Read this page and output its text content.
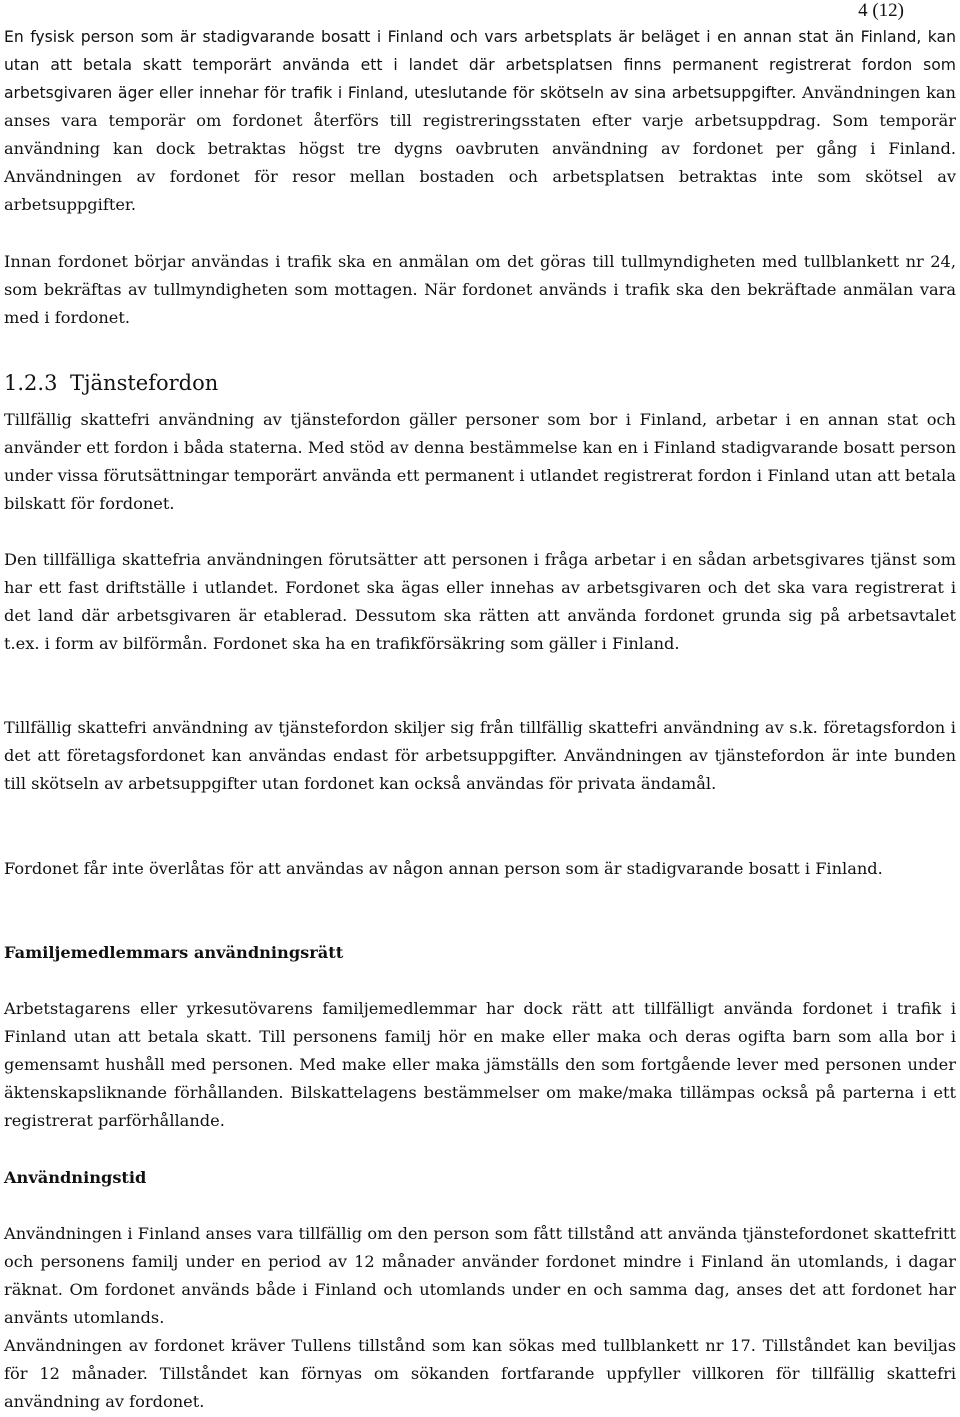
4 (12)
En fysisk person som är stadigvarande bosatt i Finland och vars arbetsplats är beläget i en annan stat än Finland, kan utan att betala skatt temporärt använda ett i landet där arbetsplatsen finns permanent registrerat fordon som arbetsgivaren äger eller innehar för trafik i Finland, uteslutande för skötseln av sina arbetsuppgifter. Användningen kan anses vara temporär om fordonet återförs till registreringsstaten efter varje arbetsuppdrag. Som temporär användning kan dock betraktas högst tre dygns oavbruten användning av fordonet per gång i Finland. Användningen av fordonet för resor mellan bostaden och arbetsplatsen betraktas inte som skötsel av arbetsuppgifter.
Innan fordonet börjar användas i trafik ska en anmälan om det göras till tullmyndigheten med tullblankett nr 24, som bekräftas av tullmyndigheten som mottagen. När fordonet används i trafik ska den bekräftade anmälan vara med i fordonet.
1.2.3 Tjänstefordon
Tillfällig skattefri användning av tjänstefordon gäller personer som bor i Finland, arbetar i en annan stat och använder ett fordon i båda staterna. Med stöd av denna bestämmelse kan en i Finland stadigvarande bosatt person under vissa förutsättningar temporärt använda ett permanent i utlandet registrerat fordon i Finland utan att betala bilskatt för fordonet.
Den tillfälliga skattefria användningen förutsätter att personen i fråga arbetar i en sådan arbetsgivares tjänst som har ett fast driftställe i utlandet. Fordonet ska ägas eller innehas av arbetsgivaren och det ska vara registrerat i det land där arbetsgivaren är etablerad. Dessutom ska rätten att använda fordonet grunda sig på arbetsavtalet t.ex. i form av bilförmån. Fordonet ska ha en trafikförsäkring som gäller i Finland.
Tillfällig skattefri användning av tjänstefordon skiljer sig från tillfällig skattefri användning av s.k. företagsfordon i det att företagsfordonet kan användas endast för arbetsuppgifter. Användningen av tjänstefordon är inte bunden till skötseln av arbetsuppgifter utan fordonet kan också användas för privata ändamål.
Fordonet får inte överlåtas för att användas av någon annan person som är stadigvarande bosatt i Finland.
Familjemedlemmars användningsrätt
Arbetstagarens eller yrkesutövarens familjemedlemmar har dock rätt att tillfälligt använda fordonet i trafik i Finland utan att betala skatt. Till personens familj hör en make eller maka och deras ogifta barn som alla bor i gemensamt hushåll med personen. Med make eller maka jämställs den som fortgående lever med personen under äktenskapsliknande förhållanden. Bilskattelagens bestämmelser om make/maka tillämpas också på parterna i ett registrerat parförhållande.
Användningstid
Användningen i Finland anses vara tillfällig om den person som fått tillstånd att använda tjänstefordonet skattefritt och personens familj under en period av 12 månader använder fordonet mindre i Finland än utomlands, i dagar räknat. Om fordonet används både i Finland och utomlands under en och samma dag, anses det att fordonet har använts utomlands.
Användningen av fordonet kräver Tullens tillstånd som kan sökas med tullblankett nr 17. Tillståndet kan beviljas för 12 månader. Tillståndet kan förnyas om sökanden fortfarande uppfyller villkoren för tillfällig skattefri användning av fordonet.
